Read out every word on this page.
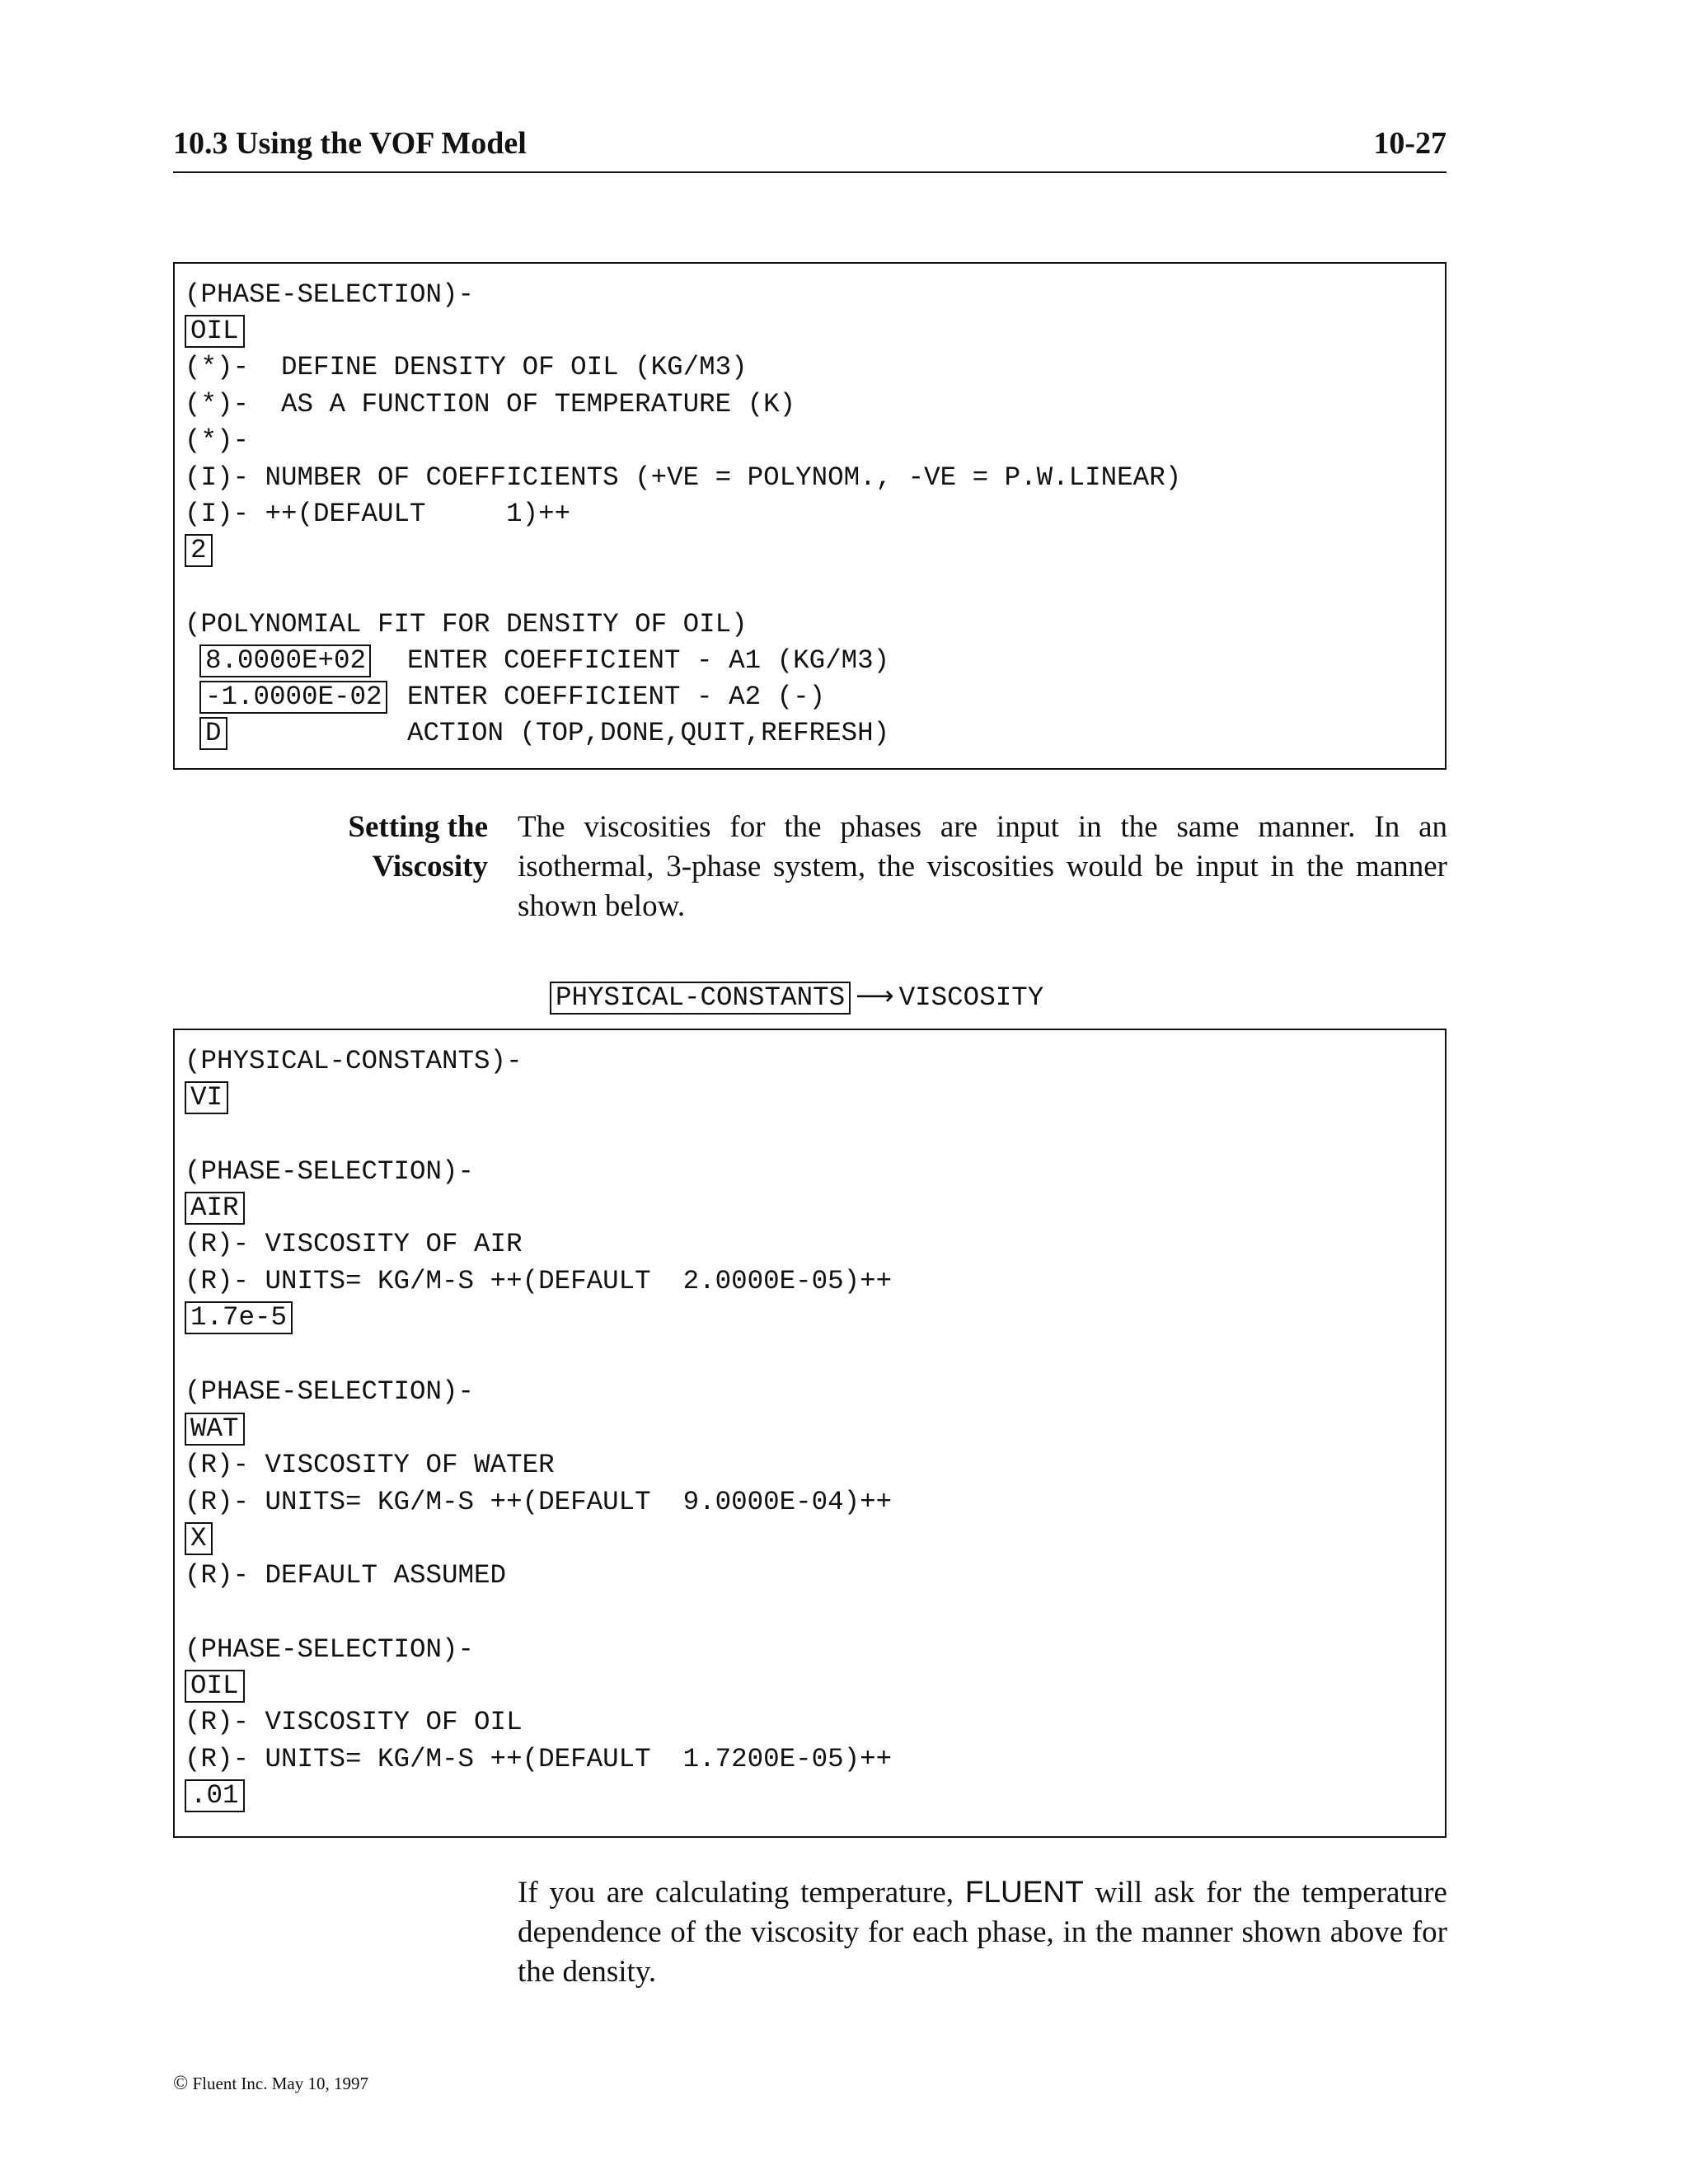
10.3 Using the VOF Model	10-27
(PHASE-SELECTION)-
OIL
(*)-  DEFINE DENSITY OF OIL (KG/M3)
(*)-  AS A FUNCTION OF TEMPERATURE (K)
(*)-
(I)- NUMBER OF COEFFICIENTS (+VE = POLYNOM., -VE = P.W.LINEAR)
(I)- ++(DEFAULT     1)++
2
(POLYNOMIAL FIT FOR DENSITY OF OIL)
8.0000E+02 ENTER COEFFICIENT - A1 (KG/M3)
-1.0000E-02 ENTER COEFFICIENT - A2 (-)
D	ACTION (TOP,DONE,QUIT,REFRESH)
Setting the
Viscosity
The viscosities for the phases are input in the same manner. In an isothermal, 3-phase system, the viscosities would be input in the manner shown below.

PHYSICAL-CONSTANTS ⟶ VISCOSITY

(PHYSICAL-CONSTANTS)-
VI
(PHASE-SELECTION)-
AIR
(R)- VISCOSITY OF AIR
(R)- UNITS= KG/M-S ++(DEFAULT  2.0000E-05)++
1.7e-5
(PHASE-SELECTION)-
WAT
(R)- VISCOSITY OF WATER
(R)- UNITS= KG/M-S ++(DEFAULT  9.0000E-04)++
X
(R)- DEFAULT ASSUMED
(PHASE-SELECTION)-
OIL
(R)- VISCOSITY OF OIL
(R)- UNITS= KG/M-S ++(DEFAULT  1.7200E-05)++
.01
If you are calculating temperature, FLUENT will ask for the temperature dependence of the viscosity for each phase, in the manner shown above for the density.
© Fluent Inc. May 10, 1997
